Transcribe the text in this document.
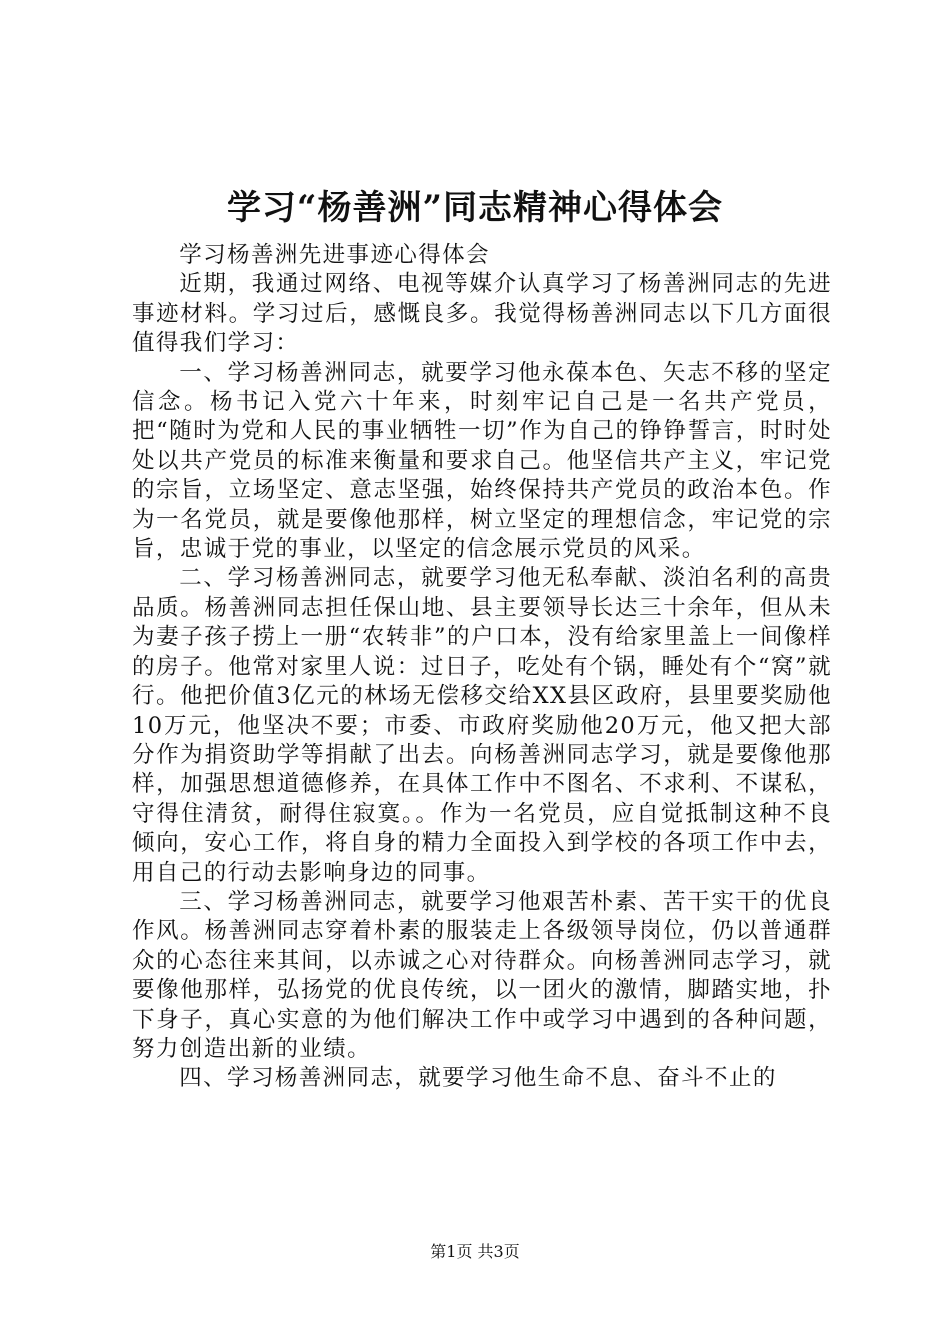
学习“杨善洲”同志精神心得体会

学习杨善洲先进事迹心得体会

近期，我通过网络、电视等媒介认真学习了杨善洲同志的先进事迹材料。学习过后，感慨良多。我觉得杨善洲同志以下几方面很值得我们学习：

一、学习杨善洲同志，就要学习他永葆本色、矢志不移的坚定信念。杨书记入党六十年来，时刻牢记自己是一名共产党员，把“随时为党和人民的事业牺牲一切”作为自己的铮铮誓言，时时处处以共产党员的标准来衡量和要求自己。他坚信共产主义，牢记党的宗旨，立场坚定、意志坚强，始终保持共产党员的政治本色。作为一名党员，就是要像他那样，树立坚定的理想信念，牢记党的宗旨，忠诚于党的事业，以坚定的信念展示党员的风采。

二、学习杨善洲同志，就要学习他无私奉献、淡泊名利的高贵品质。杨善洲同志担任保山地、县主要领导长达三十余年，但从未为妻子孩子捞上一册“农转非”的户口本，没有给家里盖上一间像样的房子。他常对家里人说：过日子，吃处有个锅，睡处有个“窝”就行。他把价值3亿元的林场无偿移交给XX县区政府，县里要奖励他10万元，他坚决不要；市委、市政府奖励他20万元，他又把大部分作为捐资助学等捐献了出去。向杨善洲同志学习，就是要像他那样，加强思想道德修养，在具体工作中不图名、不求利、不谋私，守得住清贫，耐得住寂寞。。作为一名党员，应自觉抵制这种不良倾向，安心工作，将自身的精力全面投入到学校的各项工作中去，用自己的行动去影响身边的同事。

三、学习杨善洲同志，就要学习他艰苦朴素、苦干实干的优良作风。杨善洲同志穿着朴素的服装走上各级领导岗位，仍以普通群众的心态往来其间，以赤诚之心对待群众。向杨善洲同志学习，就要像他那样，弘扬党的优良传统，以一团火的激情，脚踏实地，扑下身子，真心实意的为他们解决工作中或学习中遇到的各种问题，努力创造出新的业绩。

四、学习杨善洲同志，就要学习他生命不息、奋斗不止的

第1页 共3页
